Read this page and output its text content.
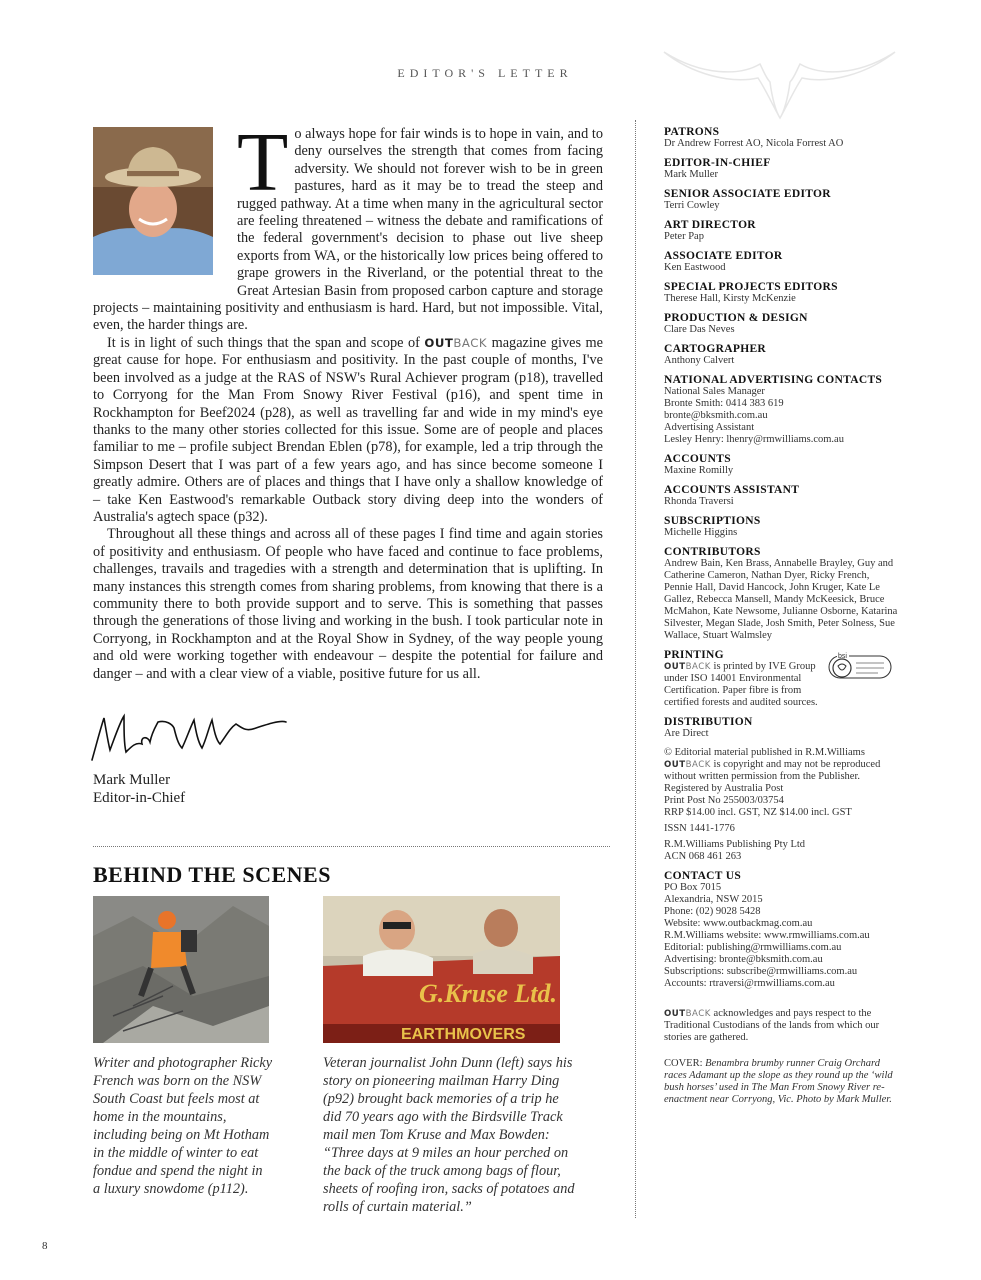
EDITOR'S LETTER

To always hope for fair winds is to hope in vain, and to deny ourselves the strength that comes from facing adversity. We should not forever wish to be in green pastures, hard as it may be to tread the steep and rugged pathway. At a time when many in the agricultural sector are feeling threatened – witness the debate and ramifications of the federal government's decision to phase out live sheep exports from WA, or the historically low prices being offered to grape growers in the Riverland, or the potential threat to the Great Artesian Basin from proposed carbon capture and storage projects – maintaining positivity and enthusiasm is hard. Hard, but not impossible. Vital, even, the harder things are.

It is in light of such things that the span and scope of OUTBACK magazine gives me great cause for hope. For enthusiasm and positivity. In the past couple of months, I've been involved as a judge at the RAS of NSW's Rural Achiever program (p18), travelled to Corryong for the Man From Snowy River Festival (p16), and spent time in Rockhampton for Beef2024 (p28), as well as travelling far and wide in my mind's eye thanks to the many other stories collected for this issue. Some are of people and places familiar to me – profile subject Brendan Eblen (p78), for example, led a trip through the Simpson Desert that I was part of a few years ago, and has since become someone I greatly admire. Others are of places and things that I have only a shallow knowledge of – take Ken Eastwood's remarkable Outback story diving deep into the wonders of Australia's agtech space (p32).

Throughout all these things and across all of these pages I find time and again stories of positivity and enthusiasm. Of people who have faced and continue to face problems, challenges, travails and tragedies with a strength and determination that is uplifting. In many instances this strength comes from sharing problems, from knowing that there is a community there to both provide support and to serve. This is something that passes through the generations of those living and working in the bush. I took particular note in Corryong, in Rockhampton and at the Royal Show in Sydney, of the way people young and old were working together with endeavour – despite the potential for failure and danger – and with a clear view of a viable, positive future for us all.

Mark Muller
Editor-in-Chief
BEHIND THE SCENES
G.Kruse Ltd.
EARTHMOVERS
Writer and photographer Ricky French was born on the NSW South Coast but feels most at home in the mountains, including being on Mt Hotham in the middle of winter to eat fondue and spend the night in a luxury snowdome (p112).
Veteran journalist John Dunn (left) says his story on pioneering mailman Harry Ding (p92) brought back memories of a trip he did 70 years ago with the Birdsville Track mail men Tom Kruse and Max Bowden: “Three days at 9 miles an hour perched on the back of the truck among bags of flour, sheets of roofing iron, sacks of potatoes and rolls of curtain material.”
8
PATRONS
Dr Andrew Forrest AO, Nicola Forrest AO
EDITOR-IN-CHIEF
Mark Muller
SENIOR ASSOCIATE EDITOR
Terri Cowley
ART DIRECTOR
Peter Pap
ASSOCIATE EDITOR
Ken Eastwood
SPECIAL PROJECTS EDITORS
Therese Hall, Kirsty McKenzie
PRODUCTION & DESIGN
Clare Das Neves
CARTOGRAPHER
Anthony Calvert
NATIONAL ADVERTISING CONTACTS
National Sales Manager
Bronte Smith: 0414 383 619
bronte@bksmith.com.au
Advertising Assistant
Lesley Henry: lhenry@rmwilliams.com.au
ACCOUNTS
Maxine Romilly
ACCOUNTS ASSISTANT
Rhonda Traversi
SUBSCRIPTIONS
Michelle Higgins
CONTRIBUTORS
Andrew Bain, Ken Brass, Annabelle Brayley, Guy and Catherine Cameron, Nathan Dyer, Ricky French, Pennie Hall, David Hancock, John Kruger, Kate Le Gallez, Rebecca Mansell, Mandy McKeesick, Bruce McMahon, Kate Newsome, Julianne Osborne, Katarina Silvester, Megan Slade, Josh Smith, Peter Solness, Sue Wallace, Stuart Walmsley
PRINTING
OUTBACK is printed by IVE Group under ISO 14001 Environmental Certification. Paper fibre is from certified forests and audited sources.
bsi
DISTRIBUTION
Are Direct
© Editorial material published in R.M.Williams
OUTBACK is copyright and may not be reproduced without written permission from the Publisher.
Registered by Australia Post
Print Post No 255003/03754
RRP $14.00 incl. GST, NZ $14.00 incl. GST
ISSN 1441-1776
R.M.Williams Publishing Pty Ltd
ACN 068 461 263
CONTACT US
PO Box 7015
Alexandria, NSW 2015
Phone: (02) 9028 5428
Website: www.outbackmag.com.au
R.M.Williams website: www.rmwilliams.com.au
Editorial: publishing@rmwilliams.com.au
Advertising: bronte@bksmith.com.au
Subscriptions: subscribe@rmwilliams.com.au
Accounts: rtraversi@rmwilliams.com.au
OUTBACK acknowledges and pays respect to the Traditional Custodians of the lands from which our stories are gathered.
COVER: Benambra brumby runner Craig Orchard races Adamant up the slope as they round up the ‘wild bush horses’ used in The Man From Snowy River re-enactment near Corryong, Vic. Photo by Mark Muller.
